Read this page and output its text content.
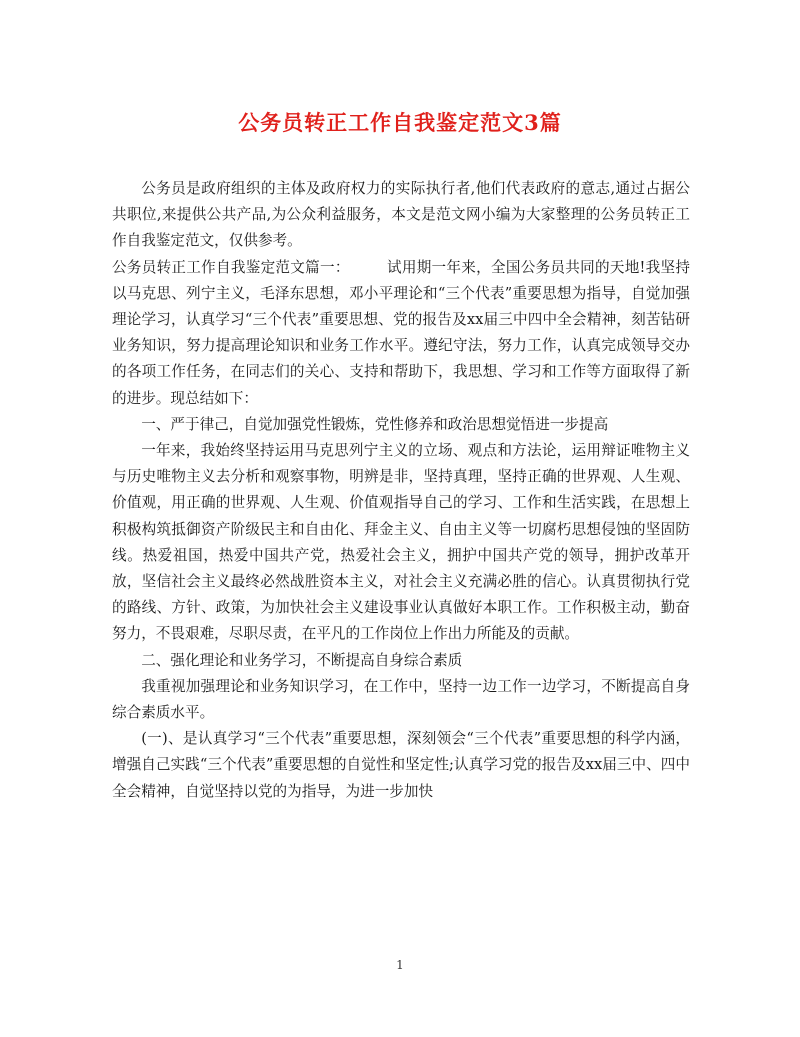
公务员转正工作自我鉴定范文3篇

公务员是政府组织的主体及政府权力的实际执行者,他们代表政府的意志,通过占据公共职位,来提供公共产品,为公众利益服务，本文是范文网小编为大家整理的公务员转正工作自我鉴定范文，仅供参考。

公务员转正工作自我鉴定范文篇一：　　　试用期一年来，全国公务员共同的天地!我坚持以马克思、列宁主义，毛泽东思想，邓小平理论和“三个代表”重要思想为指导，自觉加强理论学习，认真学习“三个代表”重要思想、党的报告及xx届三中四中全会精神，刻苦钻研业务知识，努力提高理论知识和业务工作水平。遵纪守法，努力工作，认真完成领导交办的各项工作任务，在同志们的关心、支持和帮助下，我思想、学习和工作等方面取得了新的进步。现总结如下：

一、严于律己，自觉加强党性锻炼，党性修养和政治思想觉悟进一步提高

一年来，我始终坚持运用马克思列宁主义的立场、观点和方法论，运用辩证唯物主义与历史唯物主义去分析和观察事物，明辨是非，坚持真理，坚持正确的世界观、人生观、价值观，用正确的世界观、人生观、价值观指导自己的学习、工作和生活实践，在思想上积极构筑抵御资产阶级民主和自由化、拜金主义、自由主义等一切腐朽思想侵蚀的坚固防线。热爱祖国，热爱中国共产党，热爱社会主义，拥护中国共产党的领导，拥护改革开放，坚信社会主义最终必然战胜资本主义，对社会主义充满必胜的信心。认真贯彻执行党的路线、方针、政策，为加快社会主义建设事业认真做好本职工作。工作积极主动，勤奋努力，不畏艰难，尽职尽责，在平凡的工作岗位上作出力所能及的贡献。

二、强化理论和业务学习，不断提高自身综合素质

我重视加强理论和业务知识学习，在工作中，坚持一边工作一边学习，不断提高自身综合素质水平。

(一)、是认真学习“三个代表”重要思想，深刻领会“三个代表”重要思想的科学内涵，增强自己实践“三个代表”重要思想的自觉性和坚定性;认真学习党的报告及xx届三中、四中全会精神，自觉坚持以党的为指导，为进一步加快

1
